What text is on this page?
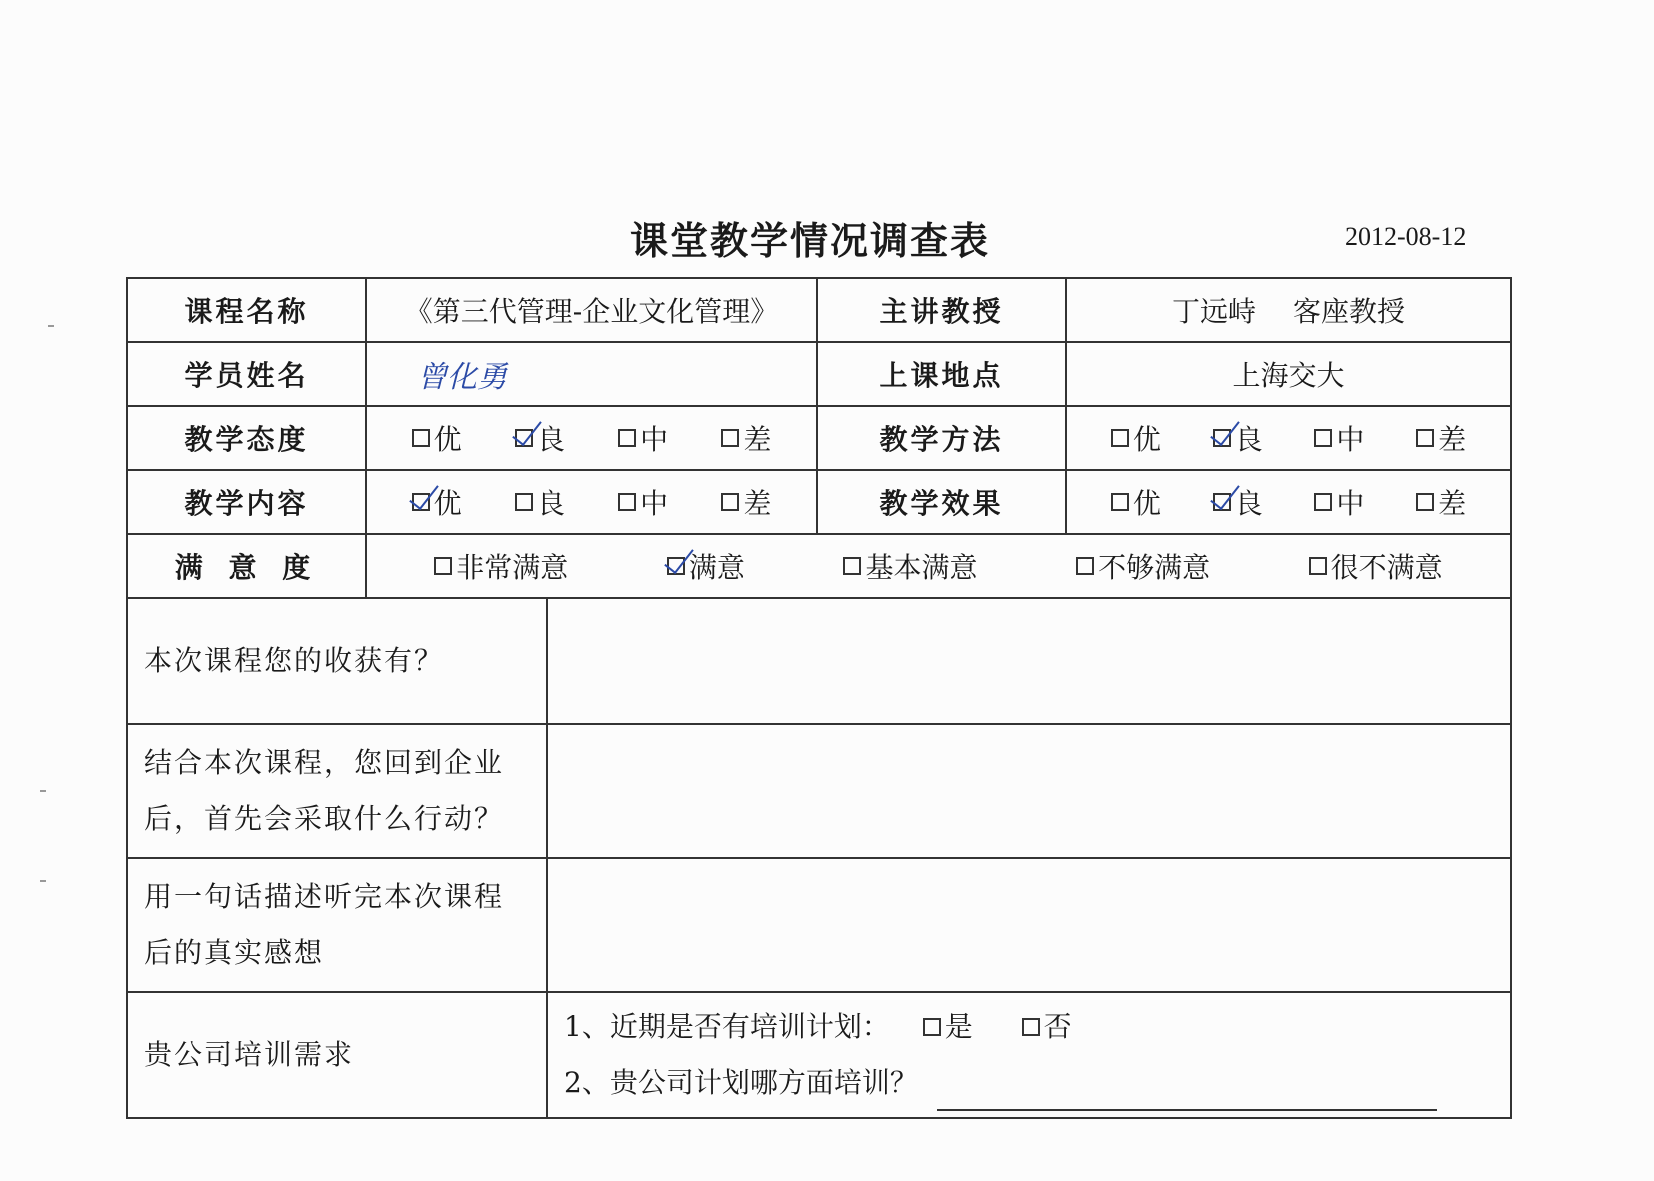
课堂教学情况调查表	2012-08-12
课程名称	《第三代管理-企业文化管理》	主讲教授	丁远峙　 客座教授
学员姓名	曾化勇	上课地点	上海交大
教学态度	优 良 中 差	教学方法	优 良 中 差

教学内容	优 良 中 差	教学效果	优 良 中 差

满 意 度	非常满意 满意 基本满意 不够满意 很不满意		
本次课程您的收获有？	

结合本次课程，您回到企业
后，首先会采取什么行动？	

用一句话描述听完本次课程
后的真实感想	

贵公司培训需求	1、近期是否有培训计划： 是
否
2、贵公司计划哪方面培训？
